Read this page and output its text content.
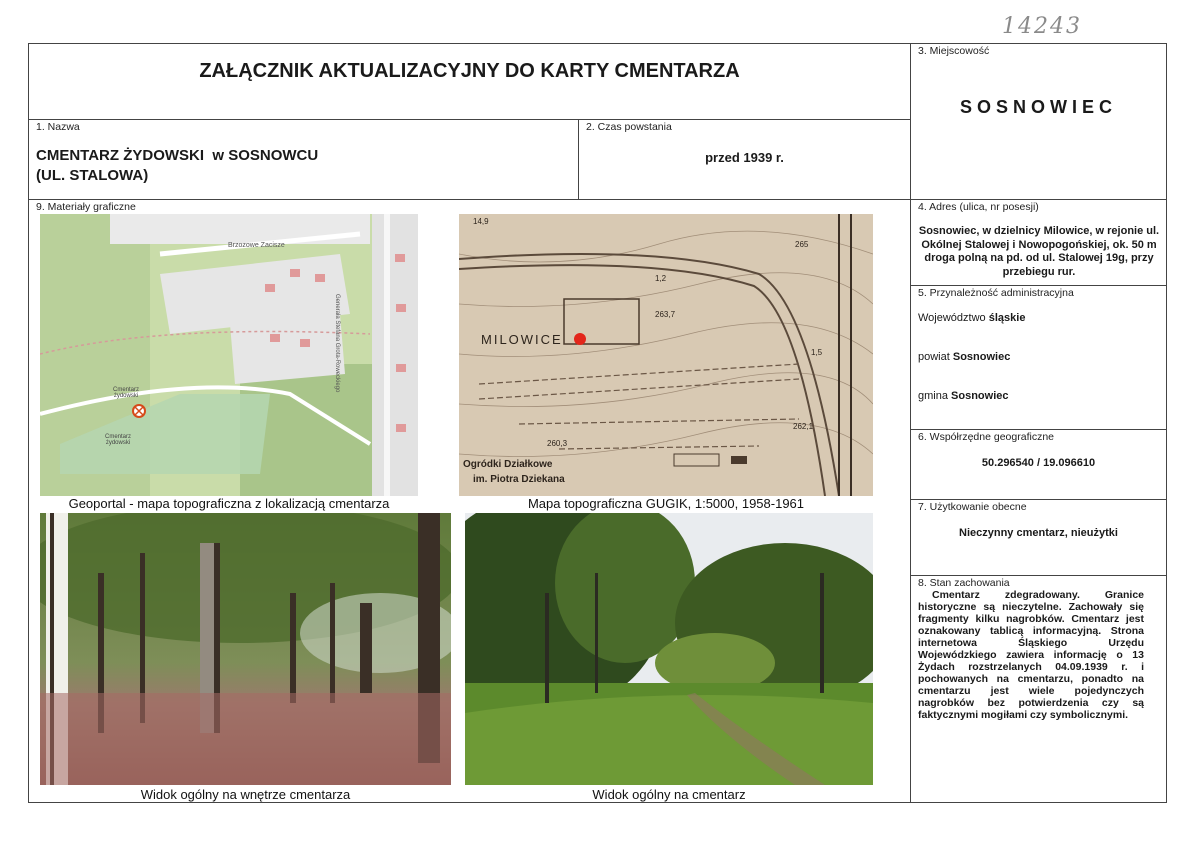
14243
ZAŁĄCZNIK AKTUALIZACYJNY DO KARTY CMENTARZA
3. Miejscowość
SOSNOWIEC
1. Nazwa
CMENTARZ ŻYDOWSKI  w SOSNOWCU
(UL. STALOWA)
2. Czas powstania
przed 1939 r.
9. Materiały graficzne
Brzozowe Zacisze
Generała Stefana Grota-Roweckiego
Cmentarz żydowski
Cmentarz żydowski
Geoportal - mapa topograficzna z lokalizacją cmentarza
MILOWICE
Ogródki Działkowe
im. Piotra Dziekana
14,9
265
1,2
263,7
260,3
262,1
1,5
Mapa topograficzna GUGIK, 1:5000, 1958-1961
Widok ogólny na wnętrze cmentarza	Widok ogólny na cmentarz
4. Adres (ulica, nr posesji)
Sosnowiec, w dzielnicy Milowice, w rejonie ul. Okólnej Stalowej i Nowopogońskiej, ok. 50 m droga polną na pd. od ul. Stalowej 19g, przy przebiegu rur.
5. Przynależność administracyjna
Województwo śląskie
powiat Sosnowiec
gmina Sosnowiec
6. Współrzędne geograficzne
50.296540 / 19.096610
7. Użytkowanie obecne
Nieczynny cmentarz, nieużytki
8. Stan zachowania
Cmentarz zdegradowany. Granice historyczne są nieczytelne. Zachowały się fragmenty kilku nagrobków. Cmentarz jest oznakowany tablicą informacyjną. Strona internetowa Śląskiego Urzędu Wojewódzkiego zawiera informację o 13 Żydach rozstrzelanych 04.09.1939 r. i pochowanych na cmentarzu, ponadto na cmentarzu jest wiele pojedynczych nagrobków bez potwierdzenia czy są faktycznymi mogiłami czy symbolicznymi.
